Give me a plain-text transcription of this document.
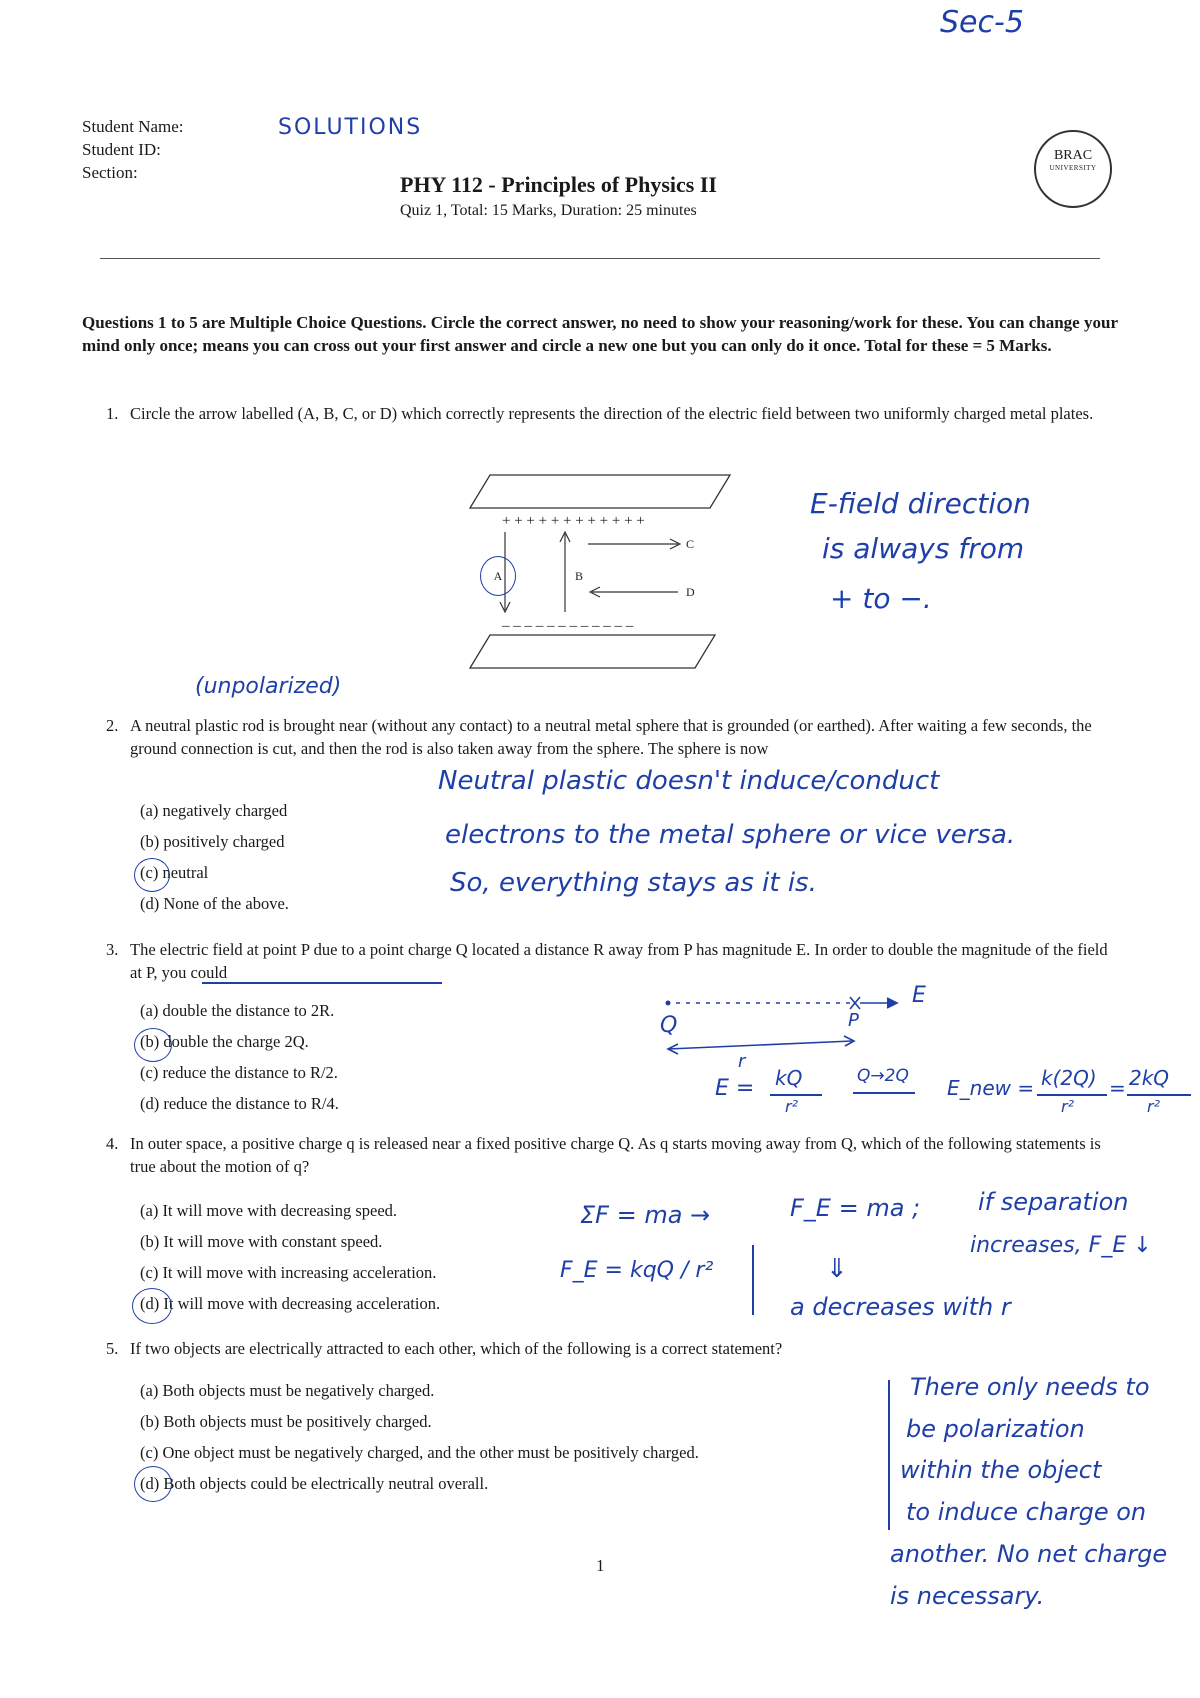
Sec-5
Student Name:
Student ID:
Section:
SOLUTIONS
PHY 112 - Principles of Physics II
Quiz 1, Total: 15 Marks, Duration: 25 minutes
BRAC
UNIVERSITY
Questions 1 to 5 are Multiple Choice Questions. Circle the correct answer, no need to show your reasoning/work for these. You can change your mind only once; means you can cross out your first answer and circle a new one but you can only do it once. Total for these = 5 Marks.
1. Circle the arrow labelled (A, B, C, or D) which correctly represents the direction of the electric field between two uniformly charged metal plates.
+ + + + + + + + + + + +
B
C
D
– – – – – – – – – – – –
A
E-field direction
is always from
+ to −.
(unpolarized)
2. A neutral plastic rod is brought near (without any contact) to a neutral metal sphere that is grounded (or earthed). After waiting a few seconds, the ground connection is cut, and then the rod is also taken away from the sphere. The sphere is now
(a) negatively charged
(b) positively charged
(c) neutral
(d) None of the above.
Neutral plastic doesn't induce/conduct
electrons to the metal sphere or vice versa.
So, everything stays as it is.
3. The electric field at point P due to a point charge Q located a distance R away from P has magnitude E. In order to double the magnitude of the field at P, you could
(a) double the distance to 2R.
(b) double the charge 2Q.
(c) reduce the distance to R/2.
(d) reduce the distance to R/4.
Q	P
E
r
E = kQ
r²
Q→2Q E_new = k(2Q)
r²
= 2kQ
r²
4. In outer space, a positive charge q is released near a fixed positive charge Q. As q starts moving away from Q, which of the following statements is true about the motion of q?
(a) It will move with decreasing speed.
(b) It will move with constant speed.
(c) It will move with increasing acceleration.
(d) It will move with decreasing acceleration.
ΣF = ma →	F_E = ma ; if separation
increases, F_E ↓
F_E = kqQ / r²	⇓
a decreases with r
5. If two objects are electrically attracted to each other, which of the following is a correct statement?
(a) Both objects must be negatively charged.
(b) Both objects must be positively charged.
(c) One object must be negatively charged, and the other must be positively charged.
(d) Both objects could be electrically neutral overall.
There only needs to
be polarization
within the object
to induce charge on
another. No net charge
is necessary.
1
